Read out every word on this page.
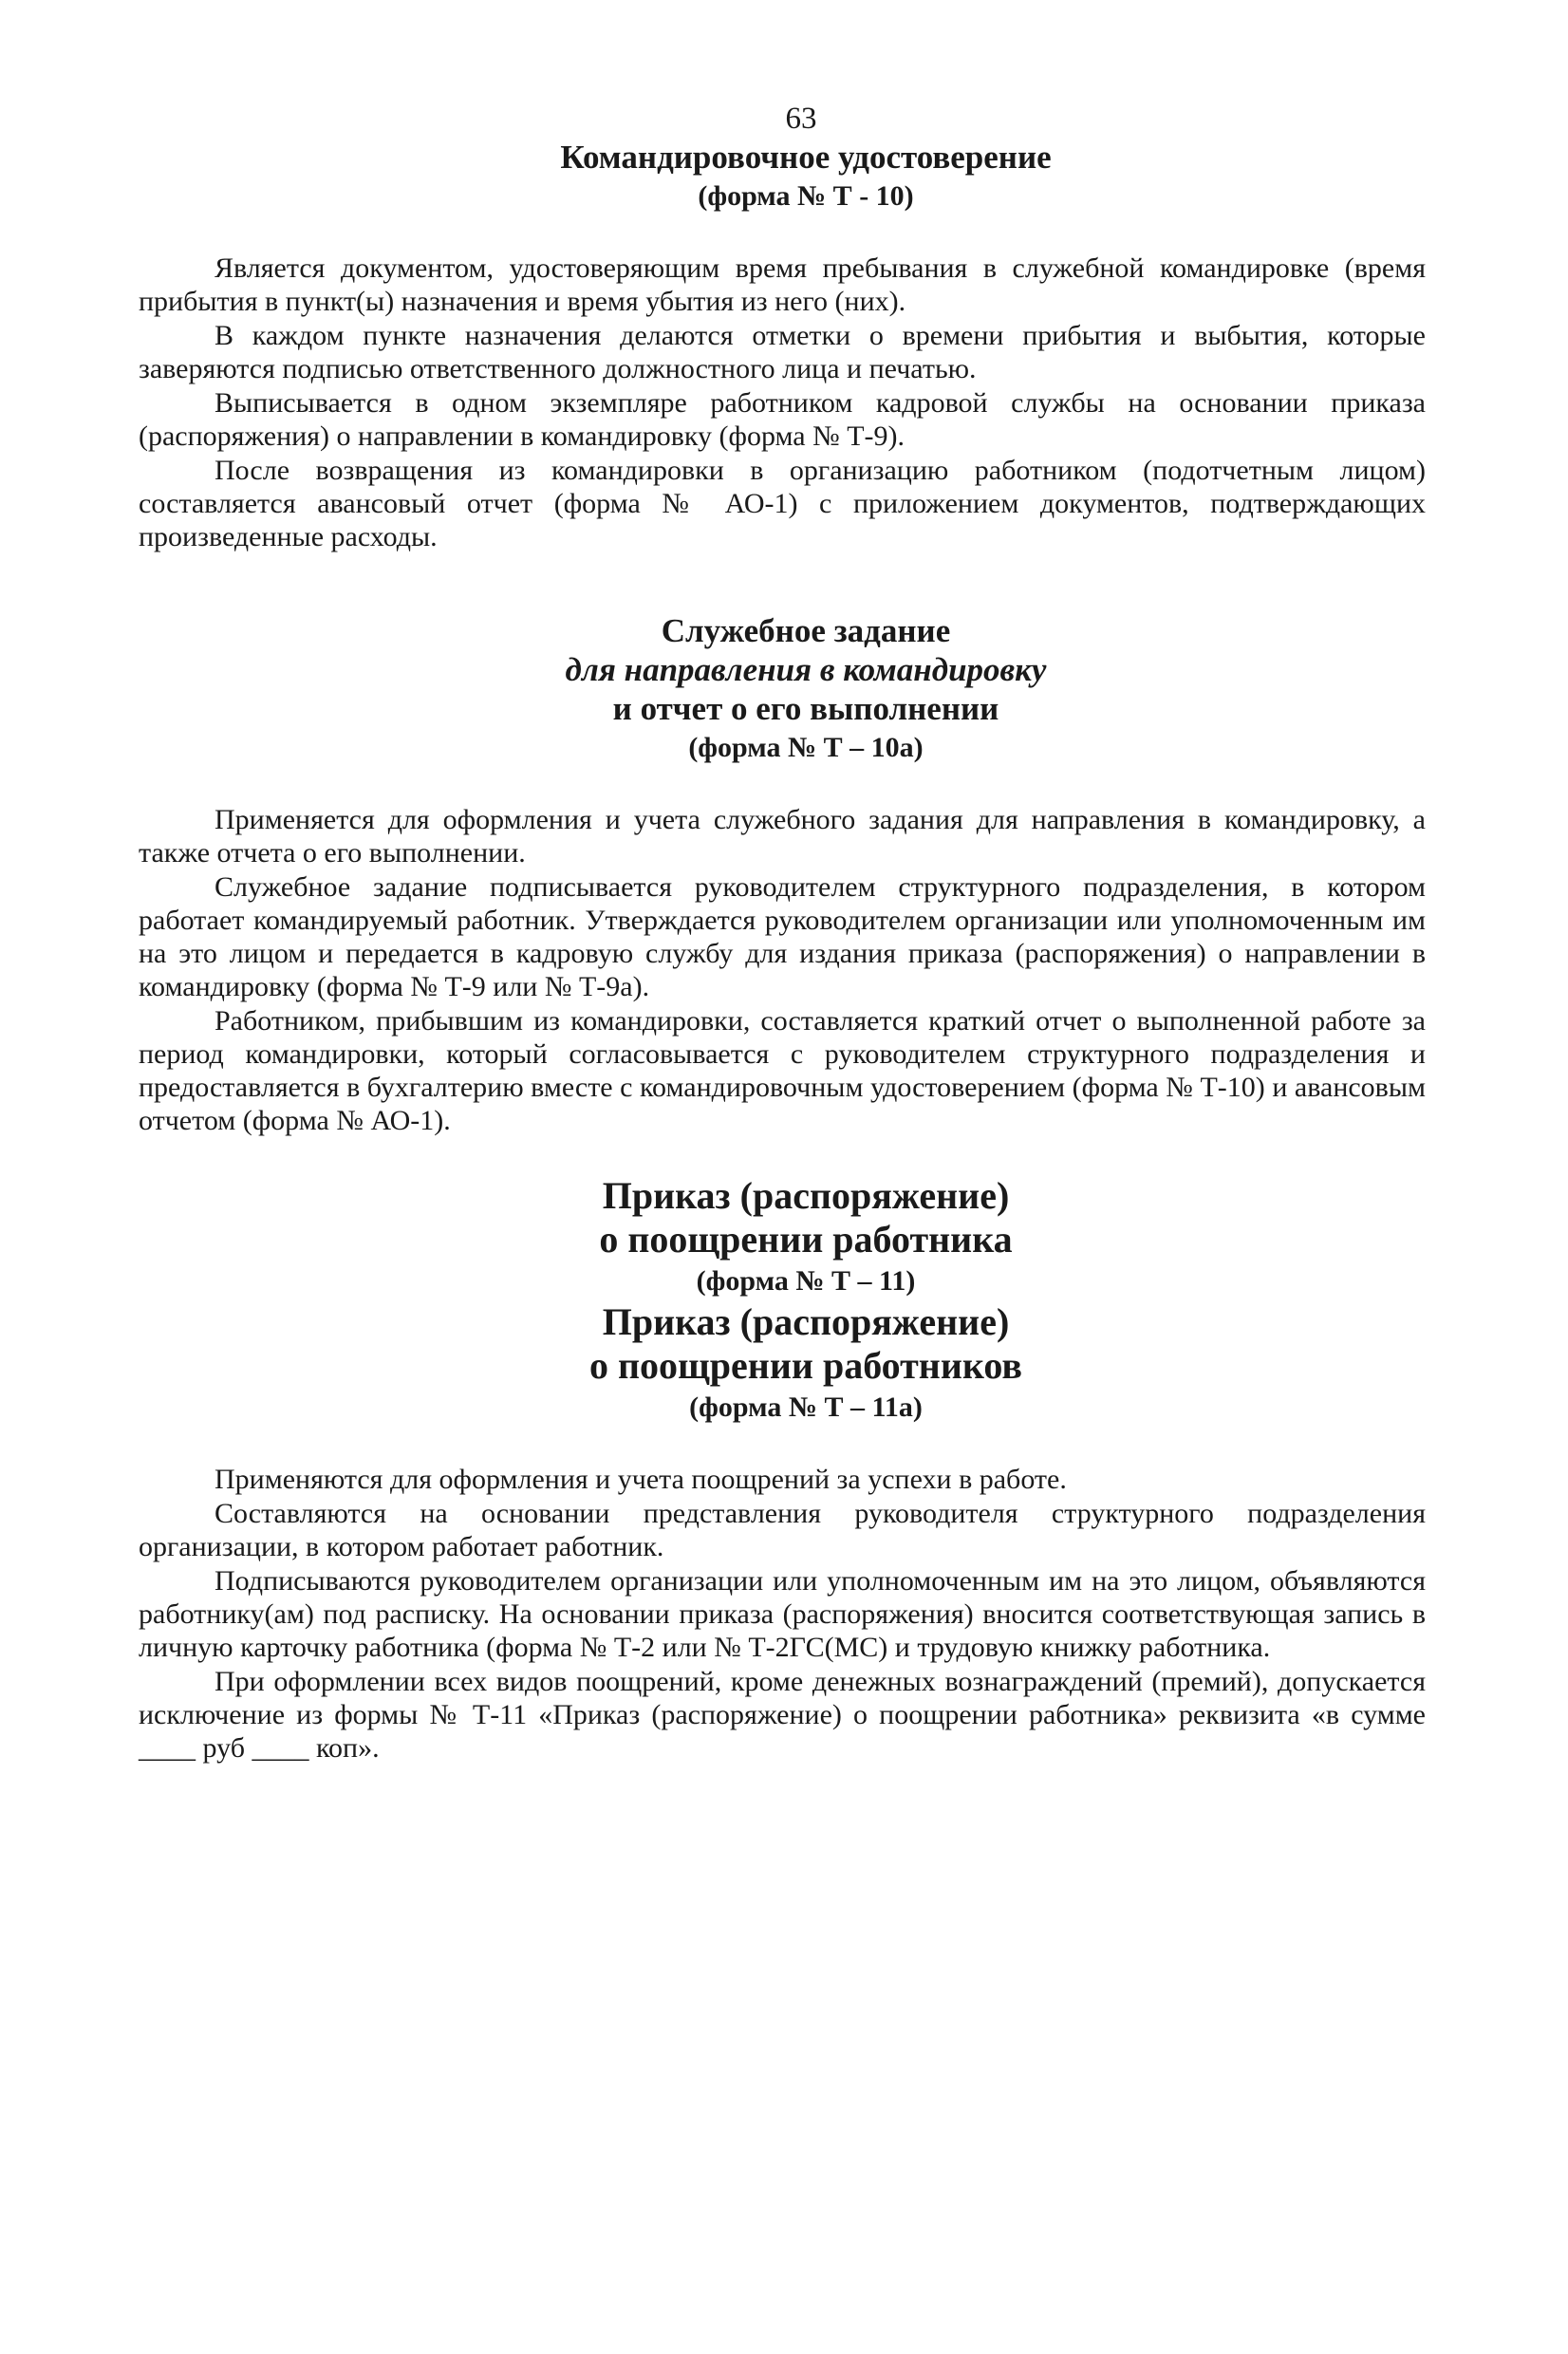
63
Командировочное удостоверение
(форма № Т - 10)

Является документом, удостоверяющим время пребывания в служебной командировке (время прибытия в пункт(ы) назначения и время убытия из него (них).

В каждом пункте назначения делаются отметки о времени прибытия и выбытия, которые заверяются подписью ответственного должностного лица и печатью.

Выписывается в одном экземпляре работником кадровой службы на основании приказа (распоряжения) о направлении в командировку (форма № Т-9).

После возвращения из командировки в организацию работником (подотчетным лицом) составляется авансовый отчет (форма № АО-1) с приложением документов, подтверждающих произведенные расходы.

Служебное задание
для направления в командировку
и отчет о его выполнении
(форма № Т – 10а)

Применяется для оформления и учета служебного задания для направления в командировку, а также отчета о его выполнении.

Служебное задание подписывается руководителем структурного подразделения, в котором работает командируемый работник. Утверждается руководителем организации или уполномоченным им на это лицом и передается в кадровую службу для издания приказа (распоряжения) о направлении в командировку (форма № Т-9 или № Т-9а).

Работником, прибывшим из командировки, составляется краткий отчет о выполненной работе за период командировки, который согласовывается с руководителем структурного подразделения и предоставляется в бухгалтерию вместе с командировочным удостоверением (форма № Т-10) и авансовым отчетом (форма № АО-1).

Приказ (распоряжение)
о поощрении работника
(форма № Т – 11)
Приказ (распоряжение)
о поощрении работников
(форма № Т – 11а)

Применяются для оформления и учета поощрений за успехи в работе.

Составляются на основании представления руководителя структурного подразделения организации, в котором работает работник.

Подписываются руководителем организации или уполномоченным им на это лицом, объявляются работнику(ам) под расписку. На основании приказа (распоряжения) вносится соответствующая запись в личную карточку работника (форма № Т-2 или № Т-2ГС(МС) и трудовую книжку работника.

При оформлении всех видов поощрений, кроме денежных вознаграждений (премий), допускается исключение из формы № Т-11 «Приказ (распоряжение) о поощрении работника» реквизита «в сумме ____ руб ____ коп».
